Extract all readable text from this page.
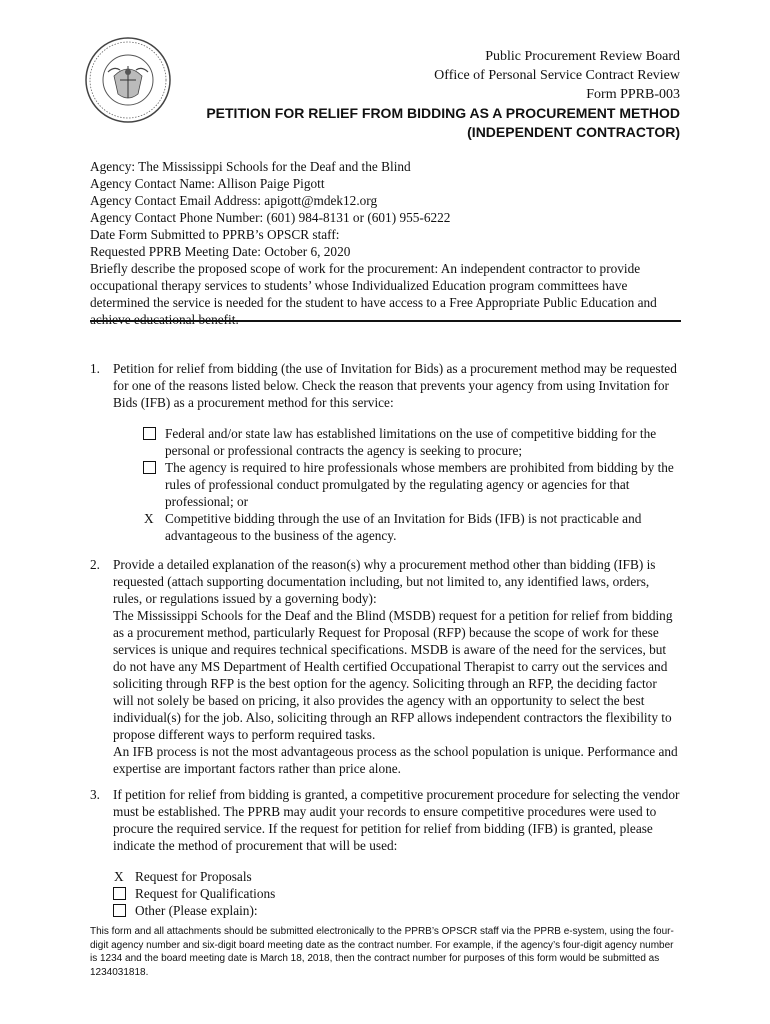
Public Procurement Review Board
Office of Personal Service Contract Review
Form PPRB-003
PETITION FOR RELIEF FROM BIDDING AS A PROCUREMENT METHOD
(INDEPENDENT CONTRACTOR)
Agency: The Mississippi Schools for the Deaf and the Blind
Agency Contact Name: Allison Paige Pigott
Agency Contact Email Address: apigott@mdek12.org
Agency Contact Phone Number: (601) 984-8131 or (601) 955-6222
Date Form Submitted to PPRB’s OPSCR staff:
Requested PPRB Meeting Date: October 6, 2020
Briefly describe the proposed scope of work for the procurement: An independent contractor to provide occupational therapy services to students’ whose Individualized Education program committees have determined the service is needed for the student to have access to a Free Appropriate Public Education and achieve educational benefit.
1. Petition for relief from bidding (the use of Invitation for Bids) as a procurement method may be requested for one of the reasons listed below. Check the reason that prevents your agency from using Invitation for Bids (IFB) as a procurement method for this service:
Federal and/or state law has established limitations on the use of competitive bidding for the personal or professional contracts the agency is seeking to procure;
The agency is required to hire professionals whose members are prohibited from bidding by the rules of professional conduct promulgated by the regulating agency or agencies for that professional; or
X Competitive bidding through the use of an Invitation for Bids (IFB) is not practicable and advantageous to the business of the agency.
2. Provide a detailed explanation of the reason(s) why a procurement method other than bidding (IFB) is requested (attach supporting documentation including, but not limited to, any identified laws, orders, rules, or regulations issued by a governing body):
The Mississippi Schools for the Deaf and the Blind (MSDB) request for a petition for relief from bidding as a procurement method, particularly Request for Proposal (RFP) because the scope of work for these services is unique and requires technical specifications. MSDB is aware of the need for the services, but do not have any MS Department of Health certified Occupational Therapist to carry out the services and soliciting through RFP is the best option for the agency. Soliciting through an RFP, the deciding factor will not solely be based on pricing, it also provides the agency with an opportunity to select the best individual(s) for the job. Also, soliciting through an RFP allows independent contractors the flexibility to propose different ways to perform required tasks.
An IFB process is not the most advantageous process as the school population is unique. Performance and expertise are important factors rather than price alone.
3. If petition for relief from bidding is granted, a competitive procurement procedure for selecting the vendor must be established. The PPRB may audit your records to ensure competitive procedures were used to procure the required service. If the request for petition for relief from bidding (IFB) is granted, please indicate the method of procurement that will be used:
X Request for Proposals
Request for Qualifications
Other (Please explain):
This form and all attachments should be submitted electronically to the PPRB’s OPSCR staff via the PPRB e-system, using the four-digit agency number and six-digit board meeting date as the contract number. For example, if the agency’s four-digit agency number is 1234 and the board meeting date is March 18, 2018, then the contract number for purposes of this form would be submitted as 1234031818.
